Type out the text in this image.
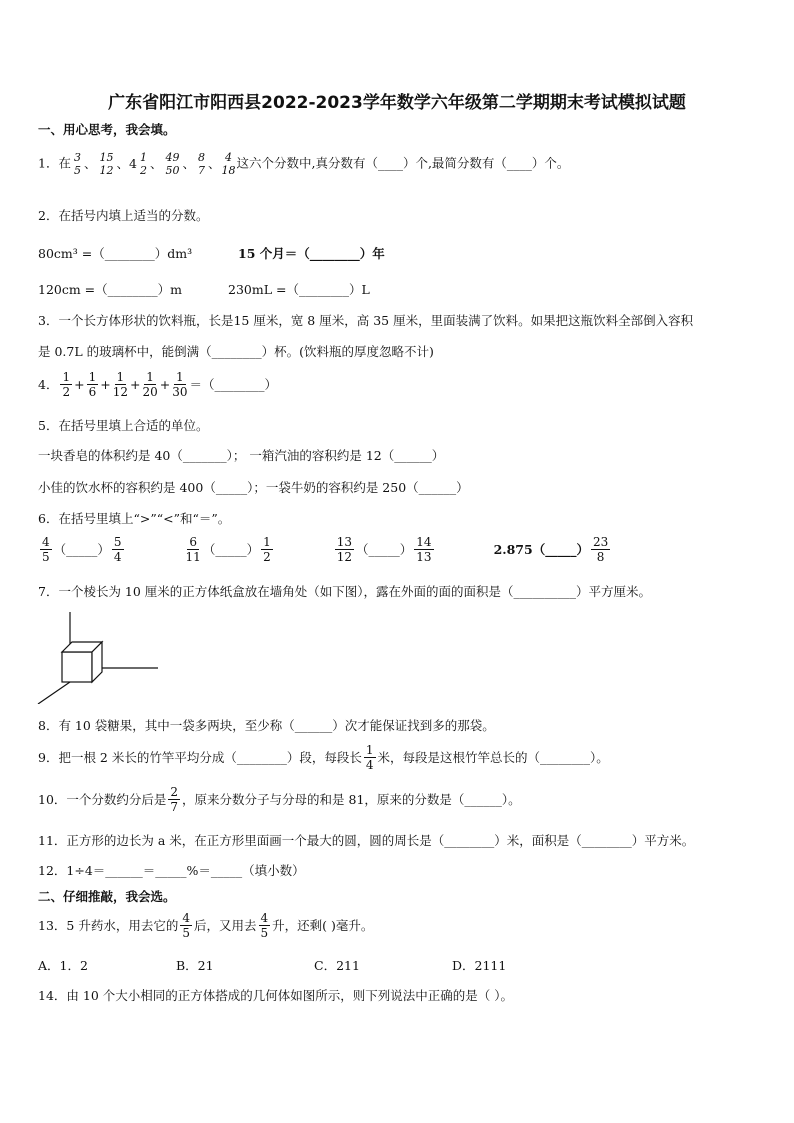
广东省阳江市阳西县2022-2023学年数学六年级第二学期期末考试模拟试题
一、用心思考，我会填。
1．在 3
5 、 15
12 、4 1
2 、 49
50 、 8
7 、 4
18 这六个分数中,真分数有（____）个,最简分数有（____）个。
2．在括号内填上适当的分数。
80cm³ =（________）dm³	15 个月＝（________）年
120cm =（________）m	230mL =（________）L
3．一个长方体形状的饮料瓶，长是15 厘米，宽 8 厘米，高 35 厘米，里面装满了饮料。如果把这瓶饮料全部倒入容积
是 0.7L 的玻璃杯中，能倒满（________）杯。(饮料瓶的厚度忽略不计)
4． $\frac{1}{2} + \frac{1}{6} + \frac{1}{12} + \frac{1}{20} + \frac{1}{30}$ ＝（________）
5．在括号里填上合适的单位。
一块香皂的体积约是 40（_______）； 一箱汽油的容积约是 12（______）
小佳的饮水杯的容积约是 400（_____）；一袋牛奶的容积约是 250（______）
6．在括号里填上“>”“<”和“＝”。
$\frac{4}{5}$ （_____） $\frac{5}{4}$	$\frac{6}{11}$ （_____） $\frac{1}{2}$	$\frac{13}{12}$ （_____） $\frac{14}{13}$	2.875（_____） $\frac{23}{8}$
7．一个棱长为 10 厘米的正方体纸盒放在墙角处（如下图），露在外面的面的面积是（__________）平方厘米。
8．有 10 袋糖果，其中一袋多两块，至少称（______）次才能保证找到多的那袋。
9．把一根 2 米长的竹竿平均分成（________）段，每段长 $\frac{1}{4}$ 米，每段是这根竹竿总长的（________）。
10．一个分数约分后是 $\frac{2}{7}$ ，原来分数分子与分母的和是 81，原来的分数是（______）。
11．正方形的边长为 a 米，在正方形里面画一个最大的圆，圆的周长是（________）米，面积是（________）平方米。
12．1÷4＝______＝_____%＝_____（填小数）
二、仔细推敲，我会选。
13．5 升药水，用去它的 $\frac{4}{5}$ 后，又用去 $\frac{4}{5}$ 升，还剩( )毫升。
A．1．2	B．21	C．211	D．2111
14．由 10 个大小相同的正方体搭成的几何体如图所示，则下列说法中正确的是（ ）。
